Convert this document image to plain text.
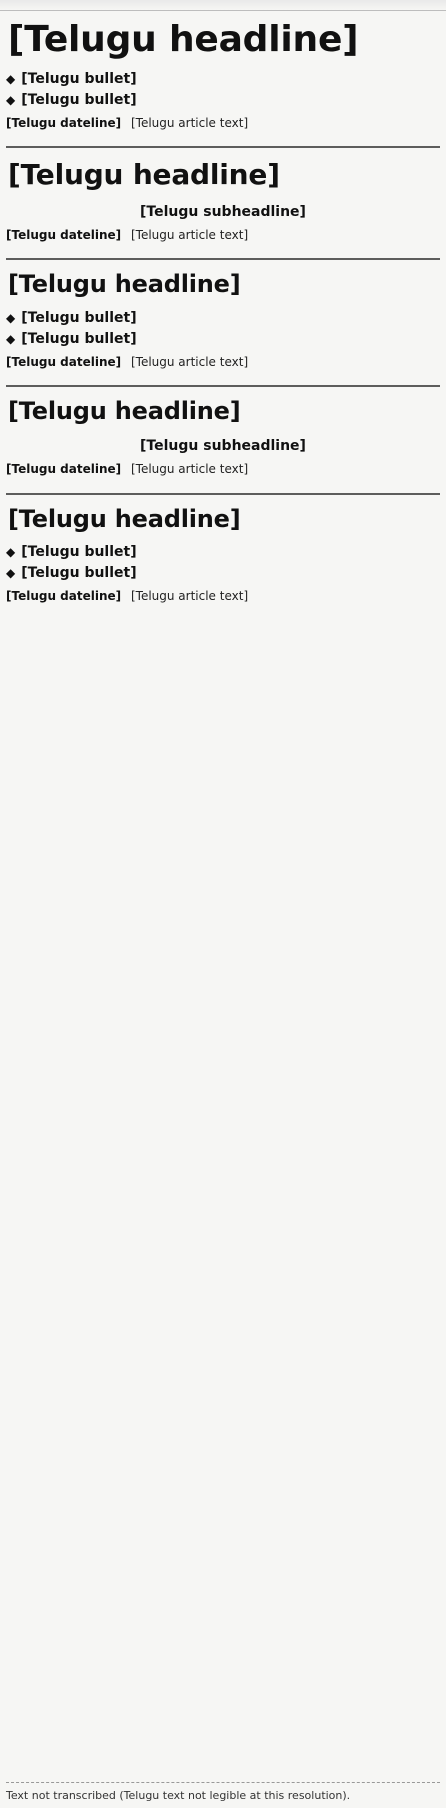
[Telugu headline]
◆ [Telugu bullet]
◆ [Telugu bullet]
[Telugu dateline] [Telugu article text]
[Telugu headline]
[Telugu subheadline]
[Telugu dateline] [Telugu article text]
[Telugu headline]
◆ [Telugu bullet]
◆ [Telugu bullet]
[Telugu dateline] [Telugu article text]
[Telugu headline]
[Telugu subheadline]
[Telugu dateline] [Telugu article text]
[Telugu headline]
◆ [Telugu bullet]
◆ [Telugu bullet]
[Telugu dateline] [Telugu article text]
Text not transcribed (Telugu text not legible at this resolution).
